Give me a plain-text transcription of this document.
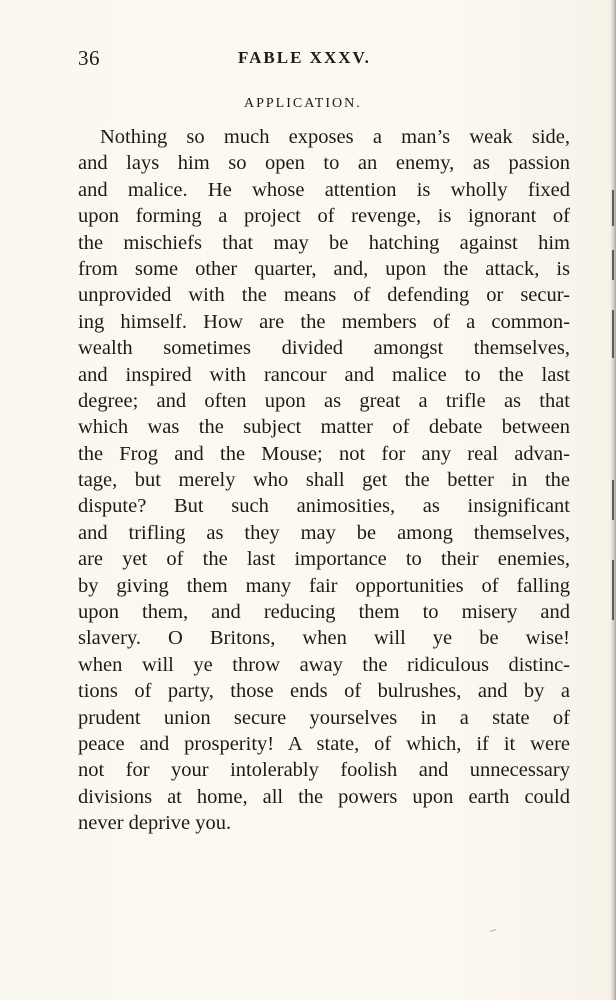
36	FABLE XXXV.
APPLICATION.
Nothing so much exposes a man’s weak side,
and lays him so open to an enemy, as passion
and malice. He whose attention is wholly fixed
upon forming a project of revenge, is ignorant of
the mischiefs that may be hatching against him
from some other quarter, and, upon the attack, is
unprovided with the means of defending or secur-
ing himself. How are the members of a common-
wealth sometimes divided amongst themselves,
and inspired with rancour and malice to the last
degree; and often upon as great a trifle as that
which was the subject matter of debate between
the Frog and the Mouse; not for any real advan-
tage, but merely who shall get the better in the
dispute? But such animosities, as insignificant
and trifling as they may be among themselves,
are yet of the last importance to their enemies,
by giving them many fair opportunities of falling
upon them, and reducing them to misery and
slavery. O Britons, when will ye be wise!
when will ye throw away the ridiculous distinc-
tions of party, those ends of bulrushes, and by a
prudent union secure yourselves in a state of
peace and prosperity! A state, of which, if it were
not for your intolerably foolish and unnecessary
divisions at home, all the powers upon earth could
never deprive you.
